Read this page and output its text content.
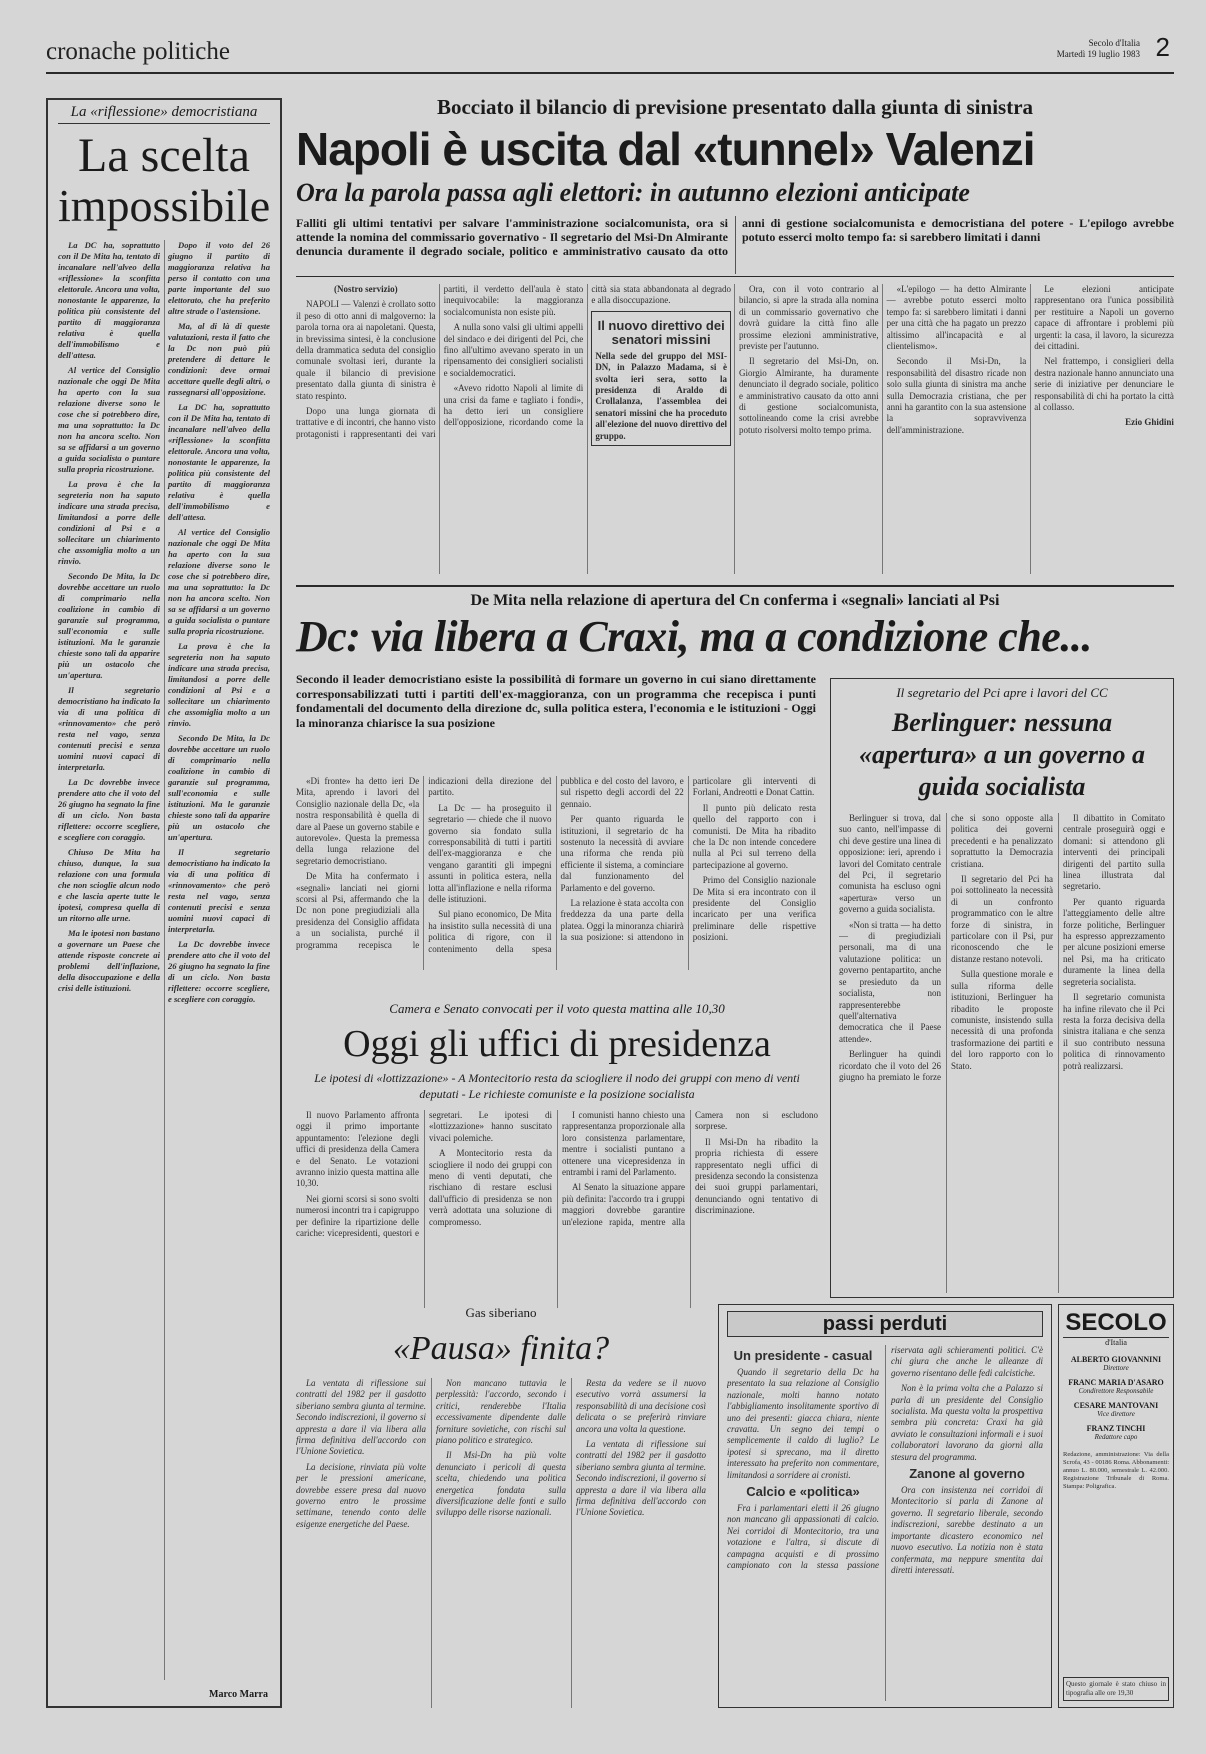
cronache politiche	Secolo d'Italia
Martedì 19 luglio 1983 2
La «riflessione» democristiana
La scelta
impossibile

La DC ha, soprattutto con il De Mita ha, tentato di incanalare nell'alveo della «riflessione» la sconfitta elettorale. Ancora una volta, nonostante le apparenze, la politica più consistente del partito di maggioranza relativa è quella dell'immobilismo e dell'attesa.

Al vertice del Consiglio nazionale che oggi De Mita ha aperto con la sua relazione diverse sono le cose che si potrebbero dire, ma una soprattutto: la Dc non ha ancora scelto. Non sa se affidarsi a un governo a guida socialista o puntare sulla propria ricostruzione.

La prova è che la segreteria non ha saputo indicare una strada precisa, limitandosi a porre delle condizioni al Psi e a sollecitare un chiarimento che assomiglia molto a un rinvio.

Secondo De Mita, la Dc dovrebbe accettare un ruolo di comprimario nella coalizione in cambio di garanzie sul programma, sull'economia e sulle istituzioni. Ma le garanzie chieste sono tali da apparire più un ostacolo che un'apertura.

Il segretario democristiano ha indicato la via di una politica di «rinnovamento» che però resta nel vago, senza contenuti precisi e senza uomini nuovi capaci di interpretarla.

La Dc dovrebbe invece prendere atto che il voto del 26 giugno ha segnato la fine di un ciclo. Non basta riflettere: occorre scegliere, e scegliere con coraggio.

Chiuso De Mita ha chiuso, dunque, la sua relazione con una formula che non scioglie alcun nodo e che lascia aperte tutte le ipotesi, compresa quella di un ritorno alle urne.

Ma le ipotesi non bastano a governare un Paese che attende risposte concrete ai problemi dell'inflazione, della disoccupazione e della crisi delle istituzioni.

Dopo il voto del 26 giugno il partito di maggioranza relativa ha perso il contatto con una parte importante del suo elettorato, che ha preferito altre strade o l'astensione.

Ma, al di là di queste valutazioni, resta il fatto che la Dc non può più pretendere di dettare le condizioni: deve ormai accettare quelle degli altri, o rassegnarsi all'opposizione.

La DC ha, soprattutto con il De Mita ha, tentato di incanalare nell'alveo della «riflessione» la sconfitta elettorale. Ancora una volta, nonostante le apparenze, la politica più consistente del partito di maggioranza relativa è quella dell'immobilismo e dell'attesa.

Al vertice del Consiglio nazionale che oggi De Mita ha aperto con la sua relazione diverse sono le cose che si potrebbero dire, ma una soprattutto: la Dc non ha ancora scelto. Non sa se affidarsi a un governo a guida socialista o puntare sulla propria ricostruzione.

La prova è che la segreteria non ha saputo indicare una strada precisa, limitandosi a porre delle condizioni al Psi e a sollecitare un chiarimento che assomiglia molto a un rinvio.

Secondo De Mita, la Dc dovrebbe accettare un ruolo di comprimario nella coalizione in cambio di garanzie sul programma, sull'economia e sulle istituzioni. Ma le garanzie chieste sono tali da apparire più un ostacolo che un'apertura.

Il segretario democristiano ha indicato la via di una politica di «rinnovamento» che però resta nel vago, senza contenuti precisi e senza uomini nuovi capaci di interpretarla.

La Dc dovrebbe invece prendere atto che il voto del 26 giugno ha segnato la fine di un ciclo. Non basta riflettere: occorre scegliere, e scegliere con coraggio.

Marco Marra
Bocciato il bilancio di previsione presentato dalla giunta di sinistra
Napoli è uscita dal «tunnel» Valenzi
Ora la parola passa agli elettori: in autunno elezioni anticipate
Falliti gli ultimi tentativi per salvare l'amministrazione socialcomunista, ora si attende la nomina del commissario governativo - Il segretario del Msi-Dn Almirante denuncia duramente il degrado sociale, politico e amministrativo causato da otto anni di gestione socialcomunista e democristiana del potere - L'epilogo avrebbe potuto esserci molto tempo fa: si sarebbero limitati i danni

(Nostro servizio)

NAPOLI — Valenzi è crollato sotto il peso di otto anni di malgoverno: la parola torna ora ai napoletani. Questa, in brevissima sintesi, è la conclusione della drammatica seduta del consiglio comunale svoltasi ieri, durante la quale il bilancio di previsione presentato dalla giunta di sinistra è stato respinto.

Dopo una lunga giornata di trattative e di incontri, che hanno visto protagonisti i rappresentanti dei vari partiti, il verdetto dell'aula è stato inequivocabile: la maggioranza socialcomunista non esiste più.

A nulla sono valsi gli ultimi appelli del sindaco e dei dirigenti del Pci, che fino all'ultimo avevano sperato in un ripensamento dei consiglieri socialisti e socialdemocratici.

«Avevo ridotto Napoli al limite di una crisi da fame e tagliato i fondi», ha detto ieri un consigliere dell'opposizione, ricordando come la città sia stata abbandonata al degrado e alla disoccupazione.

Il nuovo direttivo dei senatori missini
Nella sede del gruppo del MSI-DN, in Palazzo Madama, si è svolta ieri sera, sotto la presidenza di Araldo di Crollalanza, l'assemblea dei senatori missini che ha proceduto all'elezione del nuovo direttivo del gruppo.

Ora, con il voto contrario al bilancio, si apre la strada alla nomina di un commissario governativo che dovrà guidare la città fino alle prossime elezioni amministrative, previste per l'autunno.

Il segretario del Msi-Dn, on. Giorgio Almirante, ha duramente denunciato il degrado sociale, politico e amministrativo causato da otto anni di gestione socialcomunista, sottolineando come la crisi avrebbe potuto risolversi molto tempo prima.

«L'epilogo — ha detto Almirante — avrebbe potuto esserci molto tempo fa: si sarebbero limitati i danni per una città che ha pagato un prezzo altissimo all'incapacità e al clientelismo».

Secondo il Msi-Dn, la responsabilità del disastro ricade non solo sulla giunta di sinistra ma anche sulla Democrazia cristiana, che per anni ha garantito con la sua astensione la sopravvivenza dell'amministrazione.

Le elezioni anticipate rappresentano ora l'unica possibilità per restituire a Napoli un governo capace di affrontare i problemi più urgenti: la casa, il lavoro, la sicurezza dei cittadini.

Nel frattempo, i consiglieri della destra nazionale hanno annunciato una serie di iniziative per denunciare le responsabilità di chi ha portato la città al collasso.

Ezio Ghidini

De Mita nella relazione di apertura del Cn conferma i «segnali» lanciati al Psi
Dc: via libera a Craxi, ma a condizione che...
Secondo il leader democristiano esiste la possibilità di formare un governo in cui siano direttamente corresponsabilizzati tutti i partiti dell'ex-maggioranza, con un programma che recepisca i punti fondamentali del documento della direzione dc, sulla politica estera, l'economia e le istituzioni - Oggi la minoranza chiarisce la sua posizione

«Di fronte» ha detto ieri De Mita, aprendo i lavori del Consiglio nazionale della Dc, «la nostra responsabilità è quella di dare al Paese un governo stabile e autorevole». Questa la premessa della lunga relazione del segretario democristiano.

De Mita ha confermato i «segnali» lanciati nei giorni scorsi al Psi, affermando che la Dc non pone pregiudiziali alla presidenza del Consiglio affidata a un socialista, purché il programma recepisca le indicazioni della direzione del partito.

La Dc — ha proseguito il segretario — chiede che il nuovo governo sia fondato sulla corresponsabilità di tutti i partiti dell'ex-maggioranza e che vengano garantiti gli impegni assunti in politica estera, nella lotta all'inflazione e nella riforma delle istituzioni.

Sul piano economico, De Mita ha insistito sulla necessità di una politica di rigore, con il contenimento della spesa pubblica e del costo del lavoro, e sul rispetto degli accordi del 22 gennaio.

Per quanto riguarda le istituzioni, il segretario dc ha sostenuto la necessità di avviare una riforma che renda più efficiente il sistema, a cominciare dal funzionamento del Parlamento e del governo.

La relazione è stata accolta con freddezza da una parte della platea. Oggi la minoranza chiarirà la sua posizione: si attendono in particolare gli interventi di Forlani, Andreotti e Donat Cattin.

Il punto più delicato resta quello del rapporto con i comunisti. De Mita ha ribadito che la Dc non intende concedere nulla al Pci sul terreno della partecipazione al governo.

Primo del Consiglio nazionale De Mita si era incontrato con il presidente del Consiglio incaricato per una verifica preliminare delle rispettive posizioni.

Il segretario del Pci apre i lavori del CC
Berlinguer: nessuna «apertura» a un governo a guida socialista

Berlinguer si trova, dal suo canto, nell'impasse di chi deve gestire una linea di opposizione: ieri, aprendo i lavori del Comitato centrale del Pci, il segretario comunista ha escluso ogni «apertura» verso un governo a guida socialista.

«Non si tratta — ha detto — di pregiudiziali personali, ma di una valutazione politica: un governo pentapartito, anche se presieduto da un socialista, non rappresenterebbe quell'alternativa democratica che il Paese attende».

Berlinguer ha quindi ricordato che il voto del 26 giugno ha premiato le forze che si sono opposte alla politica dei governi precedenti e ha penalizzato soprattutto la Democrazia cristiana.

Il segretario del Pci ha poi sottolineato la necessità di un confronto programmatico con le altre forze di sinistra, in particolare con il Psi, pur riconoscendo che le distanze restano notevoli.

Sulla questione morale e sulla riforma delle istituzioni, Berlinguer ha ribadito le proposte comuniste, insistendo sulla necessità di una profonda trasformazione dei partiti e del loro rapporto con lo Stato.

Il dibattito in Comitato centrale proseguirà oggi e domani: si attendono gli interventi dei principali dirigenti del partito sulla linea illustrata dal segretario.

Per quanto riguarda l'atteggiamento delle altre forze politiche, Berlinguer ha espresso apprezzamento per alcune posizioni emerse nel Psi, ma ha criticato duramente la linea della segreteria socialista.

Il segretario comunista ha infine rilevato che il Pci resta la forza decisiva della sinistra italiana e che senza il suo contributo nessuna politica di rinnovamento potrà realizzarsi.

Camera e Senato convocati per il voto questa mattina alle 10,30
Oggi gli uffici di presidenza
Le ipotesi di «lottizzazione» - A Montecitorio resta da sciogliere il nodo dei gruppi con meno di venti deputati - Le richieste comuniste e la posizione socialista

Il nuovo Parlamento affronta oggi il primo importante appuntamento: l'elezione degli uffici di presidenza della Camera e del Senato. Le votazioni avranno inizio questa mattina alle 10,30.

Nei giorni scorsi si sono svolti numerosi incontri tra i capigruppo per definire la ripartizione delle cariche: vicepresidenti, questori e segretari. Le ipotesi di «lottizzazione» hanno suscitato vivaci polemiche.

A Montecitorio resta da sciogliere il nodo dei gruppi con meno di venti deputati, che rischiano di restare esclusi dall'ufficio di presidenza se non verrà adottata una soluzione di compromesso.

I comunisti hanno chiesto una rappresentanza proporzionale alla loro consistenza parlamentare, mentre i socialisti puntano a ottenere una vicepresidenza in entrambi i rami del Parlamento.

Al Senato la situazione appare più definita: l'accordo tra i gruppi maggiori dovrebbe garantire un'elezione rapida, mentre alla Camera non si escludono sorprese.

Il Msi-Dn ha ribadito la propria richiesta di essere rappresentato negli uffici di presidenza secondo la consistenza dei suoi gruppi parlamentari, denunciando ogni tentativo di discriminazione.

Gas siberiano
«Pausa» finita?

La ventata di riflessione sui contratti del 1982 per il gasdotto siberiano sembra giunta al termine. Secondo indiscrezioni, il governo si appresta a dare il via libera alla firma definitiva dell'accordo con l'Unione Sovietica.

La decisione, rinviata più volte per le pressioni americane, dovrebbe essere presa dal nuovo governo entro le prossime settimane, tenendo conto delle esigenze energetiche del Paese.

Non mancano tuttavia le perplessità: l'accordo, secondo i critici, renderebbe l'Italia eccessivamente dipendente dalle forniture sovietiche, con rischi sul piano politico e strategico.

Il Msi-Dn ha più volte denunciato i pericoli di questa scelta, chiedendo una politica energetica fondata sulla diversificazione delle fonti e sullo sviluppo delle risorse nazionali.

Resta da vedere se il nuovo esecutivo vorrà assumersi la responsabilità di una decisione così delicata o se preferirà rinviare ancora una volta la questione.

La ventata di riflessione sui contratti del 1982 per il gasdotto siberiano sembra giunta al termine. Secondo indiscrezioni, il governo si appresta a dare il via libera alla firma definitiva dell'accordo con l'Unione Sovietica.

passi perduti
Un presidente - casual

Quando il segretario della Dc ha presentato la sua relazione al Consiglio nazionale, molti hanno notato l'abbigliamento insolitamente sportivo di uno dei presenti: giacca chiara, niente cravatta. Un segno dei tempi o semplicemente il caldo di luglio? Le ipotesi si sprecano, ma il diretto interessato ha preferito non commentare, limitandosi a sorridere ai cronisti.

Calcio e «politica»

Fra i parlamentari eletti il 26 giugno non mancano gli appassionati di calcio. Nei corridoi di Montecitorio, tra una votazione e l'altra, si discute di campagna acquisti e di prossimo campionato con la stessa passione riservata agli schieramenti politici. C'è chi giura che anche le alleanze di governo risentano delle fedi calcistiche.

Non è la prima volta che a Palazzo si parla di un presidente del Consiglio socialista. Ma questa volta la prospettiva sembra più concreta: Craxi ha già avviato le consultazioni informali e i suoi collaboratori lavorano da giorni alla stesura del programma.

Zanone al governo

Ora con insistenza nei corridoi di Montecitorio si parla di Zanone al governo. Il segretario liberale, secondo indiscrezioni, sarebbe destinato a un importante dicastero economico nel nuovo esecutivo. La notizia non è stata confermata, ma neppure smentita dai diretti interessati.

SECOLO
d'Italia
ALBERTO GIOVANNINI
Direttore
FRANC MARIA D'ASARO
Condirettore Responsabile
CESARE MANTOVANI
Vice direttore
FRANZ TINCHI
Redattore capo
Redazione, amministrazione: Via della Scrofa, 43 - 00186 Roma. Abbonamenti: annuo L. 80.000, semestrale L. 42.000. Registrazione Tribunale di Roma. Stampa: Poligrafica.
Questo giornale è stato chiuso in tipografia alle ore 19,30
